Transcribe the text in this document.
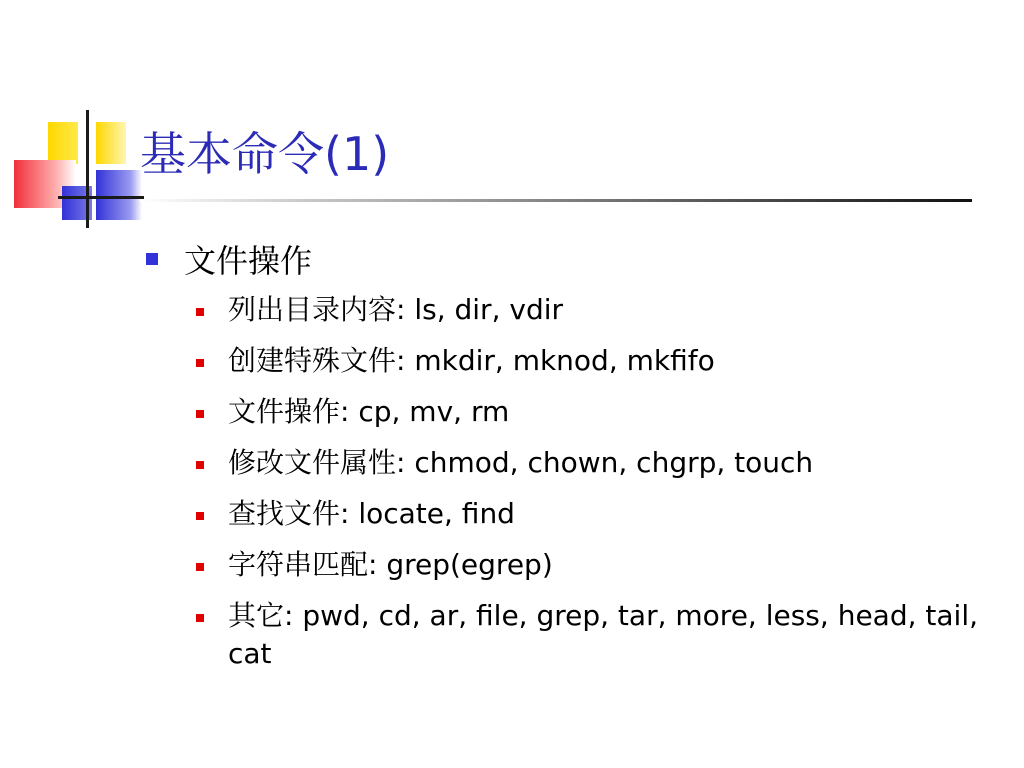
基本命令(1)
文件操作
列出目录内容: ls, dir, vdir
创建特殊文件: mkdir, mknod, mkfifo
文件操作: cp, mv, rm
修改文件属性: chmod, chown, chgrp, touch
查找文件: locate, find
字符串匹配: grep(egrep)
其它: pwd, cd, ar, file, grep, tar, more, less, head, tail, cat
